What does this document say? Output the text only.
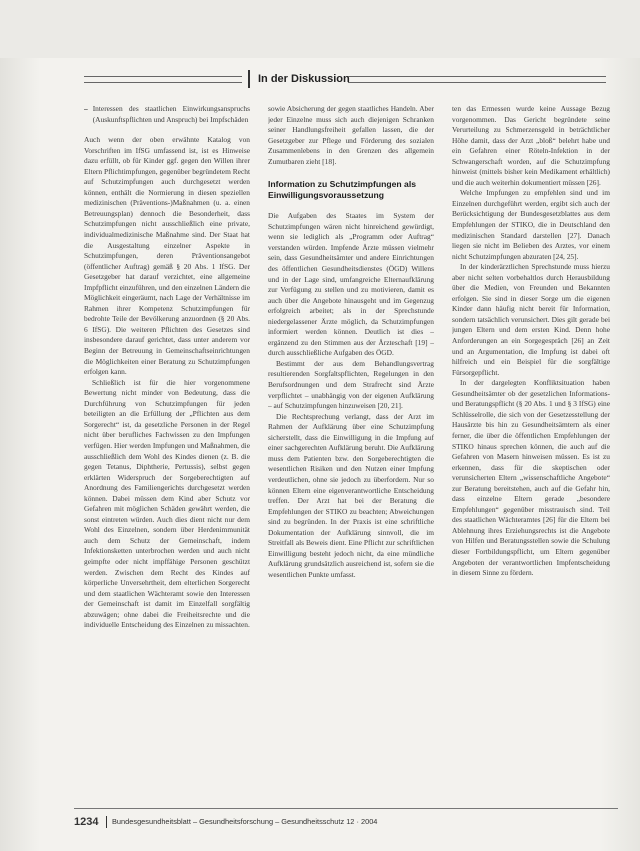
In der Diskussion
– Interessen des staatlichen Einwirkungsanspruchs (Auskunftspflichten und Anspruch) bei Impfschäden

Auch wenn der oben erwähnte Katalog von Vorschriften im IfSG umfassend ist, ist es Hinweise dazu erfüllt, ob für Kinder ggf. gegen den Willen ihrer Eltern Pflichtimpfungen, gegenüber begründetem Recht auf Schutzimpfungen auch durchgesetzt werden können, enthält die Normierung in diesen speziellen medizinischen (Präventions-)Maßnahmen (u. a. einen Betreuungsplan) dennoch die Besonderheit, dass Schutzimpfungen nicht ausschließlich eine private, individualmedizinische Maßnahme sind. Der Staat hat die Ausgestaltung einzelner Aspekte in Schutzimpfungen, deren Präventionsangebot (öffentlicher Auftrag) gemäß § 20 Abs. 1 IfSG. Der Gesetzgeber hat darauf verzichtet, eine allgemeine Impfpflicht einzuführen, und den einzelnen Ländern die Möglichkeit eingeräumt, nach Lage der Verhältnisse im Rahmen ihrer Kompetenz Schutzimpfungen für bedrohte Teile der Bevölkerung anzuordnen (§ 20 Abs. 6 IfSG). Die weiteren Pflichten des Gesetzes sind insbesondere darauf gerichtet, dass unter anderem vor Beginn der Betreuung in Gemeinschaftseinrichtungen die Möglichkeiten einer Beratung zu Schutzimpfungen erfolgen kann.

Schließlich ist für die hier vorgenommene Bewertung nicht minder von Bedeutung, dass die Durchführung von Schutzimpfungen für jeden beteiligten an die Erfüllung der „Pflichten aus dem Sorgerecht“ ist, da gesetzliche Personen in der Regel nicht über berufliches Fachwissen zu den Impfungen verfügen. Hier werden Impfungen und Maßnahmen, die ausschließlich dem Wohl des Kindes dienen (z. B. die gegen Tetanus, Diphtherie, Pertussis), selbst gegen erklärten Widerspruch der Sorgeberechtigten auf Anordnung des Familiengerichts durchgesetzt werden können. Dabei müssen dem Kind aber Schutz vor Gefahren mit möglichen Schäden gewährt werden, die sonst eintreten würden. Auch dies dient nicht nur dem Wohl des Einzelnen, sondern über Herdenimmunität auch dem Schutz der Gemeinschaft, indem Infektionsketten unterbrochen werden und auch nicht geimpfte oder nicht impffähige Personen geschützt werden. Zwischen dem Recht des Kindes auf körperliche Unversehrtheit, dem elterlichen Sorgerecht und dem staatlichen Wächteramt sowie den Interessen der Gemeinschaft ist damit im Einzelfall sorgfältig abzuwägen; ohne dabei die Freiheitsrechte und die individuelle Entscheidung des Einzelnen zu missachten.

sowie Absicherung der gegen staatliches Handeln. Aber jeder Einzelne muss sich auch diejenigen Schranken seiner Handlungsfreiheit gefallen lassen, die der Gesetzgeber zur Pflege und Förderung des sozialen Zusammenlebens in den Grenzen des allgemein Zumutbaren zieht [18].

Information zu Schutzimpfungen als Einwilligungsvoraussetzung

Die Aufgaben des Staates im System der Schutzimpfungen wären nicht hinreichend gewürdigt, wenn sie lediglich als „Programm oder Auftrag“ verstanden würden. Impfende Ärzte müssen vielmehr sein, dass Gesundheitsämter und andere Einrichtungen des öffentlichen Gesundheitsdienstes (ÖGD) Willens und in der Lage sind, umfangreiche Elternaufklärung zur Verfügung zu stellen und zu motivieren, damit es auch über die Angebote hinausgeht und im Gegenzug erfolgreich arbeitet; als in der Sprechstunde niedergelassener Ärzte möglich, da Schutzimpfungen informiert werden können. Deutlich ist dies – ergänzend zu den Stimmen aus der Ärzteschaft [19] – durch ausschließliche Aufgaben des ÖGD.

Bestimmt der aus dem Behandlungsvertrag resultierenden Sorgfaltspflichten, Regelungen in den Berufsordnungen und dem Strafrecht sind Ärzte verpflichtet – unabhängig von der eigenen Aufklärung – auf Schutzimpfungen hinzuweisen [20, 21].

Die Rechtsprechung verlangt, dass der Arzt im Rahmen der Aufklärung über eine Schutzimpfung sicherstellt, dass die Einwilligung in die Impfung auf einer sachgerechten Aufklärung beruht. Die Aufklärung muss dem Patienten bzw. den Sorgeberechtigten die wesentlichen Risiken und den Nutzen einer Impfung verdeutlichen, ohne sie jedoch zu überfordern. Nur so können Eltern eine eigenverantwortliche Entscheidung treffen. Der Arzt hat bei der Beratung die Empfehlungen der STIKO zu beachten; Abweichungen sind zu begründen. In der Praxis ist eine schriftliche Dokumentation der Aufklärung sinnvoll, die im Streitfall als Beweis dient. Eine Pflicht zur schriftlichen Einwilligung besteht jedoch nicht, da eine mündliche Aufklärung grundsätzlich ausreichend ist, sofern sie die wesentlichen Punkte umfasst.

ten das Ermessen wurde keine Aussage Bezug vorgenommen. Das Gericht begründete seine Verurteilung zu Schmerzensgeld in beträchtlicher Höhe damit, dass der Arzt „bloß“ belehrt habe und ein Gefahren einer Röteln-Infektion in der Schwangerschaft worden, auf die Schutzimpfung hinweist (mittels bisher kein Medikament erhältlich) und die auch weiterhin dokumentiert müssen [26].

Welche Impfungen zu empfehlen sind und im Einzelnen durchgeführt werden, ergibt sich auch der Berücksichtigung der Bundesgesetzblattes aus dem Empfehlungen der STIKO, die in Deutschland den medizinischen Standard darstellen [27]. Danach liegen sie nicht im Belieben des Arztes, vor einem nicht Schutzimpfungen abzuraten [24, 25].

In der kinderärztlichen Sprechstunde muss hierzu aber nicht selten vorbehaltlos durch Herausbildung über die Medien, von Freunden und Bekannten erfolgen. Sie sind in dieser Sorge um die eigenen Kinder dann häufig nicht bereit für Information, sondern tatsächlich verunsichert. Dies gilt gerade bei jungen Eltern und dem ersten Kind. Denn hohe Anforderungen an ein Sorgegespräch [26] an Zeit und an Argumentation, die Impfung ist dabei oft hilfreich und ein Beispiel für die sorgfältige Fürsorgepflicht.

In der dargelegten Konfliktsituation haben Gesundheitsämter ob der gesetzlichen Informations- und Beratungspflicht (§ 20 Abs. 1 und § 3 IfSG) eine Schlüsselrolle, die sich von der Gesetzesstellung der Hausärzte bis hin zu Gesundheitsämtern als einer ferner, die über die öffentlichen Empfehlungen der STIKO hinaus sprechen können, die auch auf die Gefahren von Masern hinweisen müssen. Es ist zu erkennen, dass für die skeptischen oder verunsicherten Eltern „wissenschaftliche Angebote“ zur Beratung bereitstehen, auch auf die Gefahr hin, dass einzelne Eltern gerade „besondere Empfehlungen“ gegenüber misstrauisch sind. Teil des staatlichen Wächteramtes [26] für die Eltern bei Ablehnung ihres Erziehungsrechts ist die Angebote von Hilfen und Beratungsstellen sowie die Schulung dieser Fortbildungspflicht, um Eltern gegenüber Angeboten der verantwortlichen Impfentscheidung in diesem Sinne zu fördern.

1234 Bundesgesundheitsblatt – Gesundheitsforschung – Gesundheitsschutz 12 · 2004
